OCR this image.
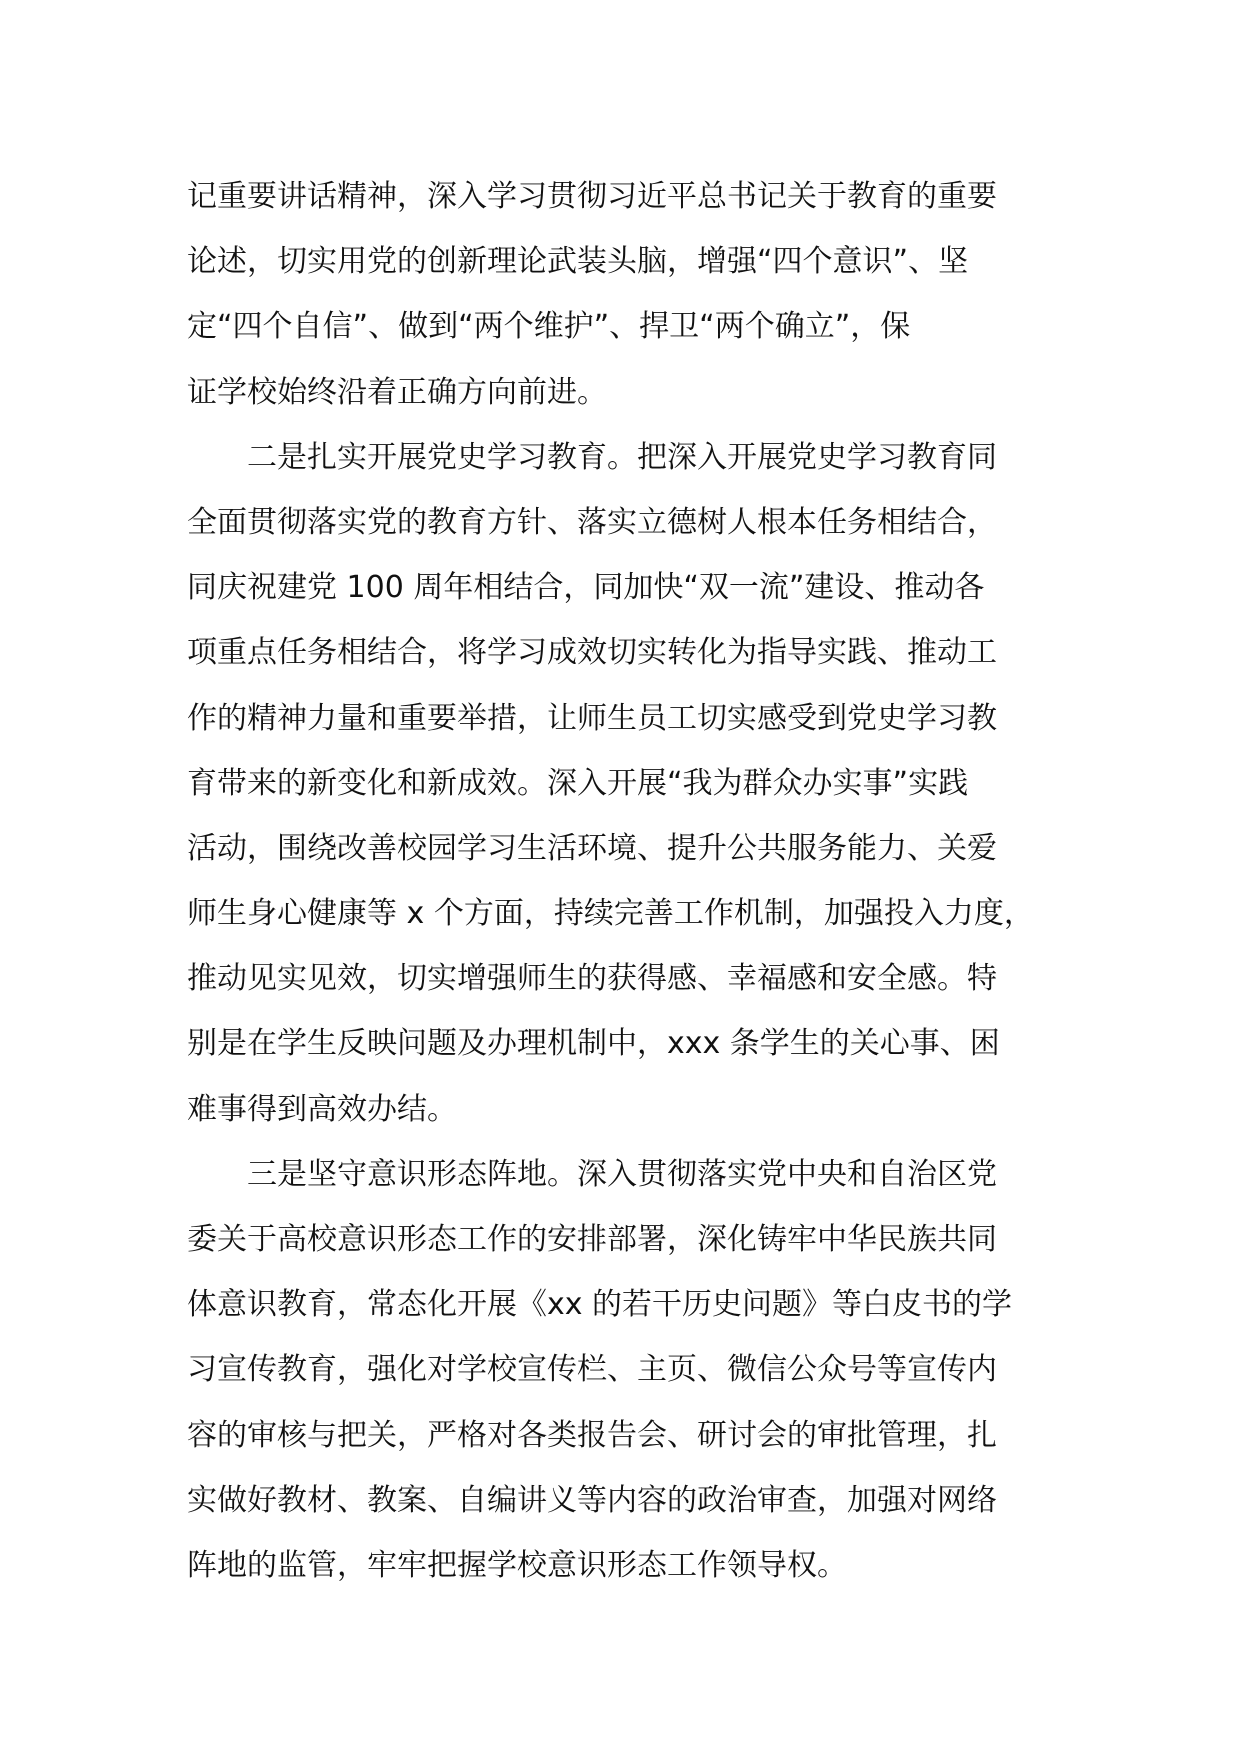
记重要讲话精神，深入学习贯彻习近平总书记关于教育的重要
论述，切实用党的创新理论武装头脑，增强“四个意识”、坚
定“四个自信”、做到“两个维护”、捍卫“两个确立”，保
证学校始终沿着正确方向前进。
　　二是扎实开展党史学习教育。把深入开展党史学习教育同
全面贯彻落实党的教育方针、落实立德树人根本任务相结合，
同庆祝建党 100 周年相结合，同加快“双一流”建设、推动各
项重点任务相结合，将学习成效切实转化为指导实践、推动工
作的精神力量和重要举措，让师生员工切实感受到党史学习教
育带来的新变化和新成效。深入开展“我为群众办实事”实践
活动，围绕改善校园学习生活环境、提升公共服务能力、关爱
师生身心健康等 x 个方面，持续完善工作机制，加强投入力度，
推动见实见效，切实增强师生的获得感、幸福感和安全感。特
别是在学生反映问题及办理机制中，xxx 条学生的关心事、困
难事得到高效办结。
　　三是坚守意识形态阵地。深入贯彻落实党中央和自治区党
委关于高校意识形态工作的安排部署，深化铸牢中华民族共同
体意识教育，常态化开展《xx 的若干历史问题》等白皮书的学
习宣传教育，强化对学校宣传栏、主页、微信公众号等宣传内
容的审核与把关，严格对各类报告会、研讨会的审批管理，扎
实做好教材、教案、自编讲义等内容的政治审查，加强对网络
阵地的监管，牢牢把握学校意识形态工作领导权。
